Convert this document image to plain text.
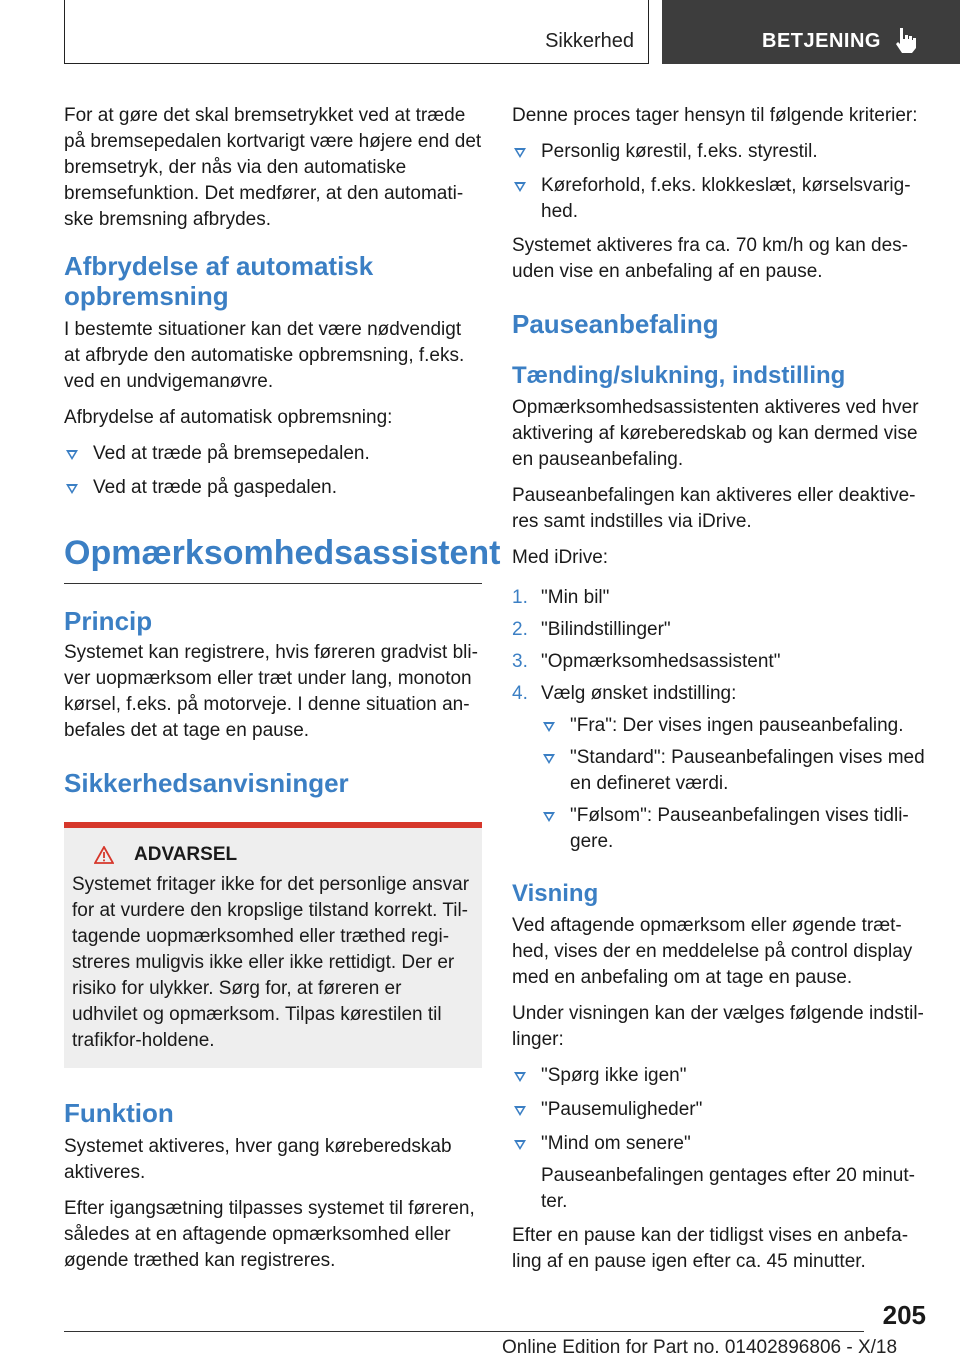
Sikkerhed	BETJENING

For at gøre det skal bremsetrykket ved at træde på bremsepedalen kortvarigt være højere end det bremsetryk, der nås via den automatiske bremsefunktion. Det medfører, at den automati-ske bremsning afbrydes.

Afbrydelse af automatisk opbremsning

I bestemte situationer kan det være nødvendigt at afbryde den automatiske opbremsning, f.eks. ved en undvigemanøvre.

Afbrydelse af automatisk opbremsning:

Ved at træde på bremsepedalen.
Ved at træde på gaspedalen.
Opmærksomhedsassistent
Princip

Systemet kan registrere, hvis føreren gradvist bli-ver uopmærksom eller træt under lang, monoton kørsel, f.eks. på motorveje. I denne situation an-befales det at tage en pause.

Sikkerhedsanvisninger
ADVARSEL

Systemet fritager ikke for det personlige ansvar for at vurdere den kropslige tilstand korrekt. Til-tagende uopmærksomhed eller træthed regi-streres muligvis ikke eller ikke rettidigt. Der er risiko for ulykker. Sørg for, at føreren er udhvilet og opmærksom. Tilpas kørestilen til trafikfor-holdene.

Funktion

Systemet aktiveres, hver gang køreberedskab aktiveres.

Efter igangsætning tilpasses systemet til føreren, således at en aftagende opmærksomhed eller øgende træthed kan registreres.

Denne proces tager hensyn til følgende kriterier:

Personlig kørestil, f.eks. styrestil.
Køreforhold, f.eks. klokkeslæt, kørselsvarig-hed.

Systemet aktiveres fra ca. 70 km/h og kan des-uden vise en anbefaling af en pause.

Pauseanbefaling
Tænding/slukning, indstilling

Opmærksomhedsassistenten aktiveres ved hver aktivering af køreberedskab og kan dermed vise en pauseanbefaling.

Pauseanbefalingen kan aktiveres eller deaktive-res samt indstilles via iDrive.

Med iDrive:

1. "Min bil"
2. "Bilindstillinger"
3. "Opmærksomhedsassistent"
4. Vælg ønsket indstilling:
"Fra": Der vises ingen pauseanbefaling.
"Standard": Pauseanbefalingen vises med en defineret værdi.
"Følsom": Pauseanbefalingen vises tidli-gere.
Visning

Ved aftagende opmærksom eller øgende træt-hed, vises der en meddelelse på control display med en anbefaling om at tage en pause.

Under visningen kan der vælges følgende indstil-linger:

"Spørg ikke igen"
"Pausemuligheder"
"Mind om senere"
Pauseanbefalingen gentages efter 20 minut-ter.

Efter en pause kan der tidligst vises en anbefa-ling af en pause igen efter ca. 45 minutter.

205
Online Edition for Part no. 01402896806 - X/18
